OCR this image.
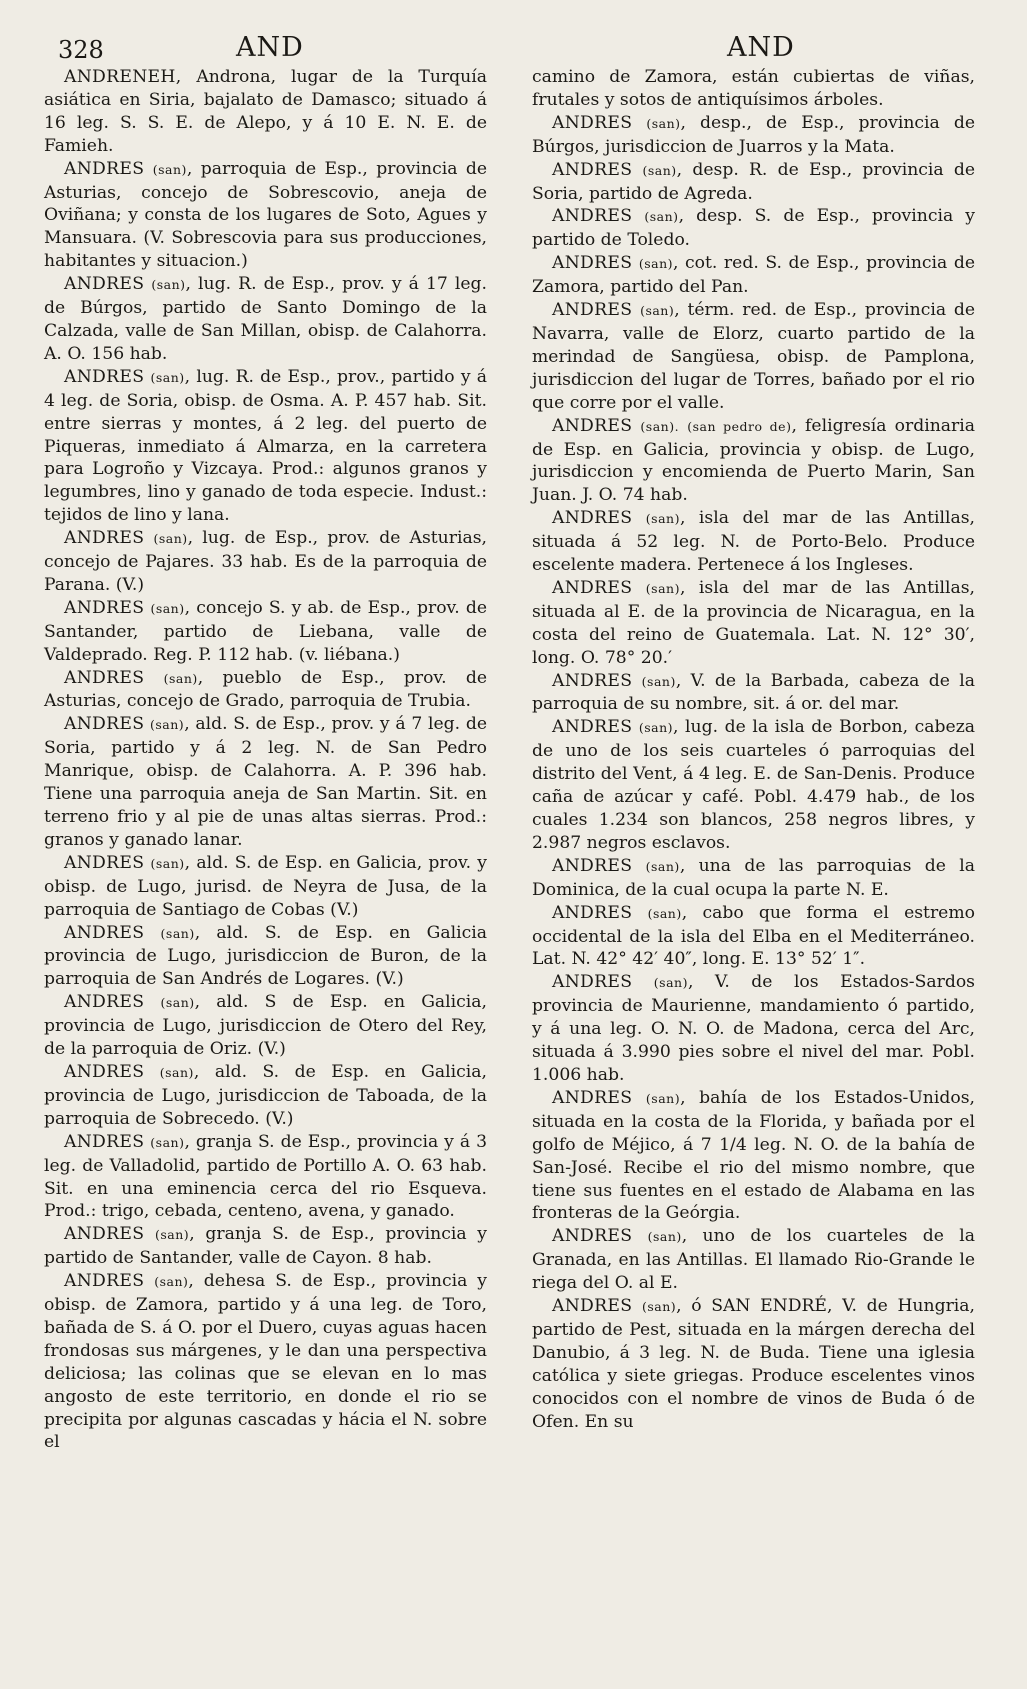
328	AND	AND

ANDRENEH, Androna, lugar de la Turquía asiática en Siria, bajalato de Damasco; situado á 16 leg. S. S. E. de Alepo, y á 10 E. N. E. de Famieh.

ANDRES (san), parroquia de Esp., provincia de Asturias, concejo de Sobrescovio, aneja de Oviñana; y consta de los lugares de Soto, Agues y Mansuara. (V. Sobrescovia para sus producciones, habitantes y situacion.)

ANDRES (san), lug. R. de Esp., prov. y á 17 leg. de Búrgos, partido de Santo Domingo de la Calzada, valle de San Millan, obisp. de Calahorra. A. O. 156 hab.

ANDRES (san), lug. R. de Esp., prov., partido y á 4 leg. de Soria, obisp. de Osma. A. P. 457 hab. Sit. entre sierras y montes, á 2 leg. del puerto de Piqueras, inmediato á Almarza, en la carretera para Logroño y Vizcaya. Prod.: algunos granos y legumbres, lino y ganado de toda especie. Indust.: tejidos de lino y lana.

ANDRES (san), lug. de Esp., prov. de Asturias, concejo de Pajares. 33 hab. Es de la parroquia de Parana. (V.)

ANDRES (san), concejo S. y ab. de Esp., prov. de Santander, partido de Liebana, valle de Valdeprado. Reg. P. 112 hab. (v. liébana.)

ANDRES (san), pueblo de Esp., prov. de Asturias, concejo de Grado, parroquia de Trubia.

ANDRES (san), ald. S. de Esp., prov. y á 7 leg. de Soria, partido y á 2 leg. N. de San Pedro Manrique, obisp. de Calahorra. A. P. 396 hab. Tiene una parroquia aneja de San Martin. Sit. en terreno frio y al pie de unas altas sierras. Prod.: granos y ganado lanar.

ANDRES (san), ald. S. de Esp. en Galicia, prov. y obisp. de Lugo, jurisd. de Neyra de Jusa, de la parroquia de Santiago de Cobas (V.)

ANDRES (san), ald. S. de Esp. en Galicia provincia de Lugo, jurisdiccion de Buron, de la parroquia de San Andrés de Logares. (V.)

ANDRES (san), ald. S de Esp. en Galicia, provincia de Lugo, jurisdiccion de Otero del Rey, de la parroquia de Oriz. (V.)

ANDRES (san), ald. S. de Esp. en Galicia, provincia de Lugo, jurisdiccion de Taboada, de la parroquia de Sobrecedo. (V.)

ANDRES (san), granja S. de Esp., provincia y á 3 leg. de Valladolid, partido de Portillo A. O. 63 hab. Sit. en una eminencia cerca del rio Esqueva. Prod.: trigo, cebada, centeno, avena, y ganado.

ANDRES (san), granja S. de Esp., provincia y partido de Santander, valle de Cayon. 8 hab.

ANDRES (san), dehesa S. de Esp., provincia y obisp. de Zamora, partido y á una leg. de Toro, bañada de S. á O. por el Duero, cuyas aguas hacen frondosas sus márgenes, y le dan una perspectiva deliciosa; las colinas que se elevan en lo mas angosto de este territorio, en donde el rio se precipita por algunas cascadas y hácia el N. sobre el

camino de Zamora, están cubiertas de viñas, frutales y sotos de antiquísimos árboles.

ANDRES (san), desp., de Esp., provincia de Búrgos, jurisdiccion de Juarros y la Mata.

ANDRES (san), desp. R. de Esp., provincia de Soria, partido de Agreda.

ANDRES (san), desp. S. de Esp., provincia y partido de Toledo.

ANDRES (san), cot. red. S. de Esp., provincia de Zamora, partido del Pan.

ANDRES (san), térm. red. de Esp., provincia de Navarra, valle de Elorz, cuarto partido de la merindad de Sangüesa, obisp. de Pamplona, jurisdiccion del lugar de Torres, bañado por el rio que corre por el valle.

ANDRES (san). (san pedro de), feligresía ordinaria de Esp. en Galicia, provincia y obisp. de Lugo, jurisdiccion y encomienda de Puerto Marin, San Juan. J. O. 74 hab.

ANDRES (san), isla del mar de las Antillas, situada á 52 leg. N. de Porto-Belo. Produce escelente madera. Pertenece á los Ingleses.

ANDRES (san), isla del mar de las Antillas, situada al E. de la provincia de Nicaragua, en la costa del reino de Guatemala. Lat. N. 12° 30′, long. O. 78° 20.′

ANDRES (san), V. de la Barbada, cabeza de la parroquia de su nombre, sit. á or. del mar.

ANDRES (san), lug. de la isla de Borbon, cabeza de uno de los seis cuarteles ó parroquias del distrito del Vent, á 4 leg. E. de San-Denis. Produce caña de azúcar y café. Pobl. 4.479 hab., de los cuales 1.234 son blancos, 258 negros libres, y 2.987 negros esclavos.

ANDRES (san), una de las parroquias de la Dominica, de la cual ocupa la parte N. E.

ANDRES (san), cabo que forma el estremo occidental de la isla del Elba en el Mediterráneo. Lat. N. 42° 42′ 40″, long. E. 13° 52′ 1″.

ANDRES (san), V. de los Estados-Sardos provincia de Maurienne, mandamiento ó partido, y á una leg. O. N. O. de Madona, cerca del Arc, situada á 3.990 pies sobre el nivel del mar. Pobl. 1.006 hab.

ANDRES (san), bahía de los Estados-Unidos, situada en la costa de la Florida, y bañada por el golfo de Méjico, á 7 1/4 leg. N. O. de la bahía de San-José. Recibe el rio del mismo nombre, que tiene sus fuentes en el estado de Alabama en las fronteras de la Geórgia.

ANDRES (san), uno de los cuarteles de la Granada, en las Antillas. El llamado Rio-Grande le riega del O. al E.

ANDRES (san), ó SAN ENDRÉ, V. de Hungria, partido de Pest, situada en la márgen derecha del Danubio, á 3 leg. N. de Buda. Tiene una iglesia católica y siete griegas. Produce escelentes vinos conocidos con el nombre de vinos de Buda ó de Ofen. En su
